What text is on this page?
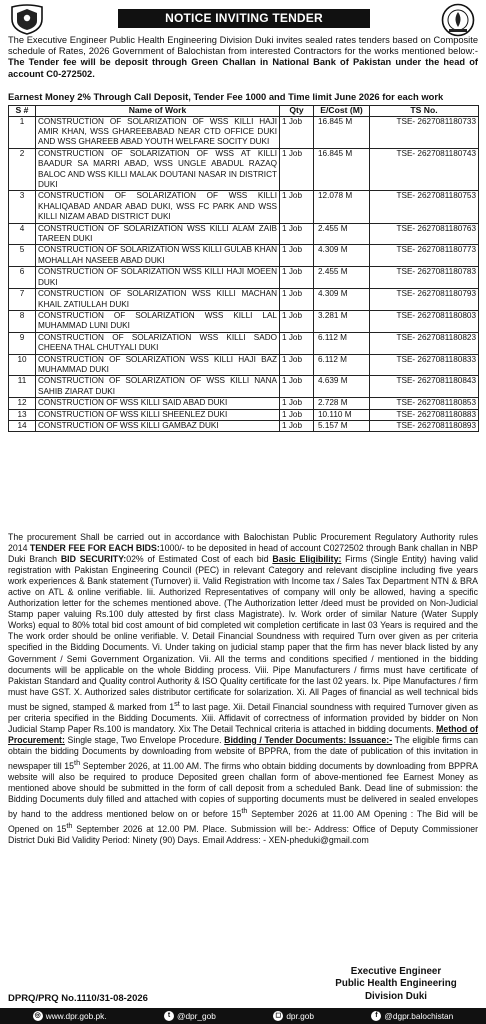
NOTICE INVITING TENDER
The Executive Engineer Public Health Engineering Division Duki invites sealed rates tenders based on Composite schedule of Rates, 2026 Government of Balochistan from interested Contractors for the works mentioned below:-The Tender fee will be deposit through Green Challan in National Bank of Pakistan under the head of account C0-272502.
Earnest Money 2% Through Call Deposit, Tender Fee 1000 and Time limit June 2026 for each work
S #	Name of Work	Qty	E/Cost (M)	TS No.
1	CONSTRUCTION OF SOLARIZATION OF WSS KILLI HAJI AMIR KHAN, WSS GHAREEBABAD NEAR CTD OFFICE DUKI AND WSS GHAREEB ABAD YOUTH WELFARE SOCITY DUKI	1 Job	16.845 M	TSE- 2627081180733
2	CONSTRUCTION OF SOLARIZATION OF WSS AT KILLI BAADUR SA MARRI ABAD, WSS UNGLE ABADUL RAZAQ BALOC AND WSS KILLI MALAK DOUTANI NASAR IN DISTRICT DUKI	1 Job	16.845 M	TSE- 2627081180743
3	CONSTRUCTION OF SOLARIZATION OF WSS KILLI KHALIQABAD ANDAR ABAD DUKI, WSS FC PARK AND WSS KILLI NIZAM ABAD DISTRICT DUKI	1 Job	12.078 M	TSE- 2627081180753
4	CONSTRUCTION OF SOLARIZATION WSS KILLI ALAM ZAIB TAREEN DUKI	1 Job	2.455 M	TSE- 2627081180763
5	CONSTRUCTION OF SOLARIZATION WSS KILLI GULAB KHAN MOHALLAH NASEEB ABAD DUKI	1 Job	4.309 M	TSE- 2627081180773
6	CONSTRUCTION OF SOLARIZATION WSS KILLI HAJI MOEEN DUKI	1 Job	2.455 M	TSE- 2627081180783
7	CONSTRUCTION OF SOLARIZATION WSS KILLI MACHAN KHAIL ZATIULLAH DUKI	1 Job	4.309 M	TSE- 2627081180793
8	CONSTRUCTION OF SOLARIZATION WSS KILLI LAL MUHAMMAD LUNI DUKI	1 Job	3.281 M	TSE- 2627081180803
9	CONSTRUCTION OF SOLARIZATION WSS KILLI SADO CHEENA THAL CHUTYALI DUKI	1 Job	6.112 M	TSE- 2627081180823
10	CONSTRUCTION OF SOLARIZATION WSS KILLI HAJI BAZ MUHAMMAD DUKI	1 Job	6.112 M	TSE- 2627081180833
11	CONSTRUCTION OF SOLARIZATION OF WSS KILLI NANA SAHIB ZIARAT DUKI	1 Job	4.639 M	TSE- 2627081180843
12	CONSTRUCTION OF WSS KILLI SAID ABAD DUKI	1 Job	2.728 M	TSE- 2627081180853
13	CONSTRUCTION OF WSS KILLI SHEENLEZ DUKI	1 Job	10.110 M	TSE- 2627081180883
14	CONSTRUCTION OF WSS KILLI GAMBAZ DUKI	1 Job	5.157 M	TSE- 2627081180893
The procurement Shall be carried out in accordance with Balochistan Public Procurement Regulatory Authority rules 2014 TENDER FEE FOR EACH BIDS:1000/- to be deposited in head of account C0272502 through Bank challan in NBP Duki Branch BID SECURITY:02% of Estimated Cost of each bid Basic Eligibility: Firms (Single Entity) having valid registration with Pakistan Engineering Council (PEC) in relevant Category and relevant discipline including five years work experiences & Bank statement (Turnover) ii. Valid Registration with Income tax / Sales Tax Department NTN & BRA active on ATL & online verifiable. Iii. Authorized Representatives of company will only be allowed, having a specific Authorization letter for the schemes mentioned above. (The Authorization letter /deed must be provided on Non-Judicial Stamp paper valuing Rs.100 duly attested by first class Magistrate). Iv. Work order of similar Nature (Water Supply Works) equal to 80% total bid cost amount of bid completed wit completion certificate in last 03 Years is required and the The work order should be online verifiable. V. Detail Financial Soundness with required Turn over given as per criteria specified in the Bidding Documents. Vi. Under taking on judicial stamp paper that the firm has never black listed by any Government / Semi Government Organization. Vii. All the terms and conditions specified / mentioned in the bidding documents will be applicable on the whole Bidding process. Viii. Pipe Manufacturers / firms must have certificate of Pakistan Standard and Quality control Authority & ISO Quality certificate for the last 02 years. Ix. Pipe Manufactures / firm must have GST. X. Authorized sales distributor certificate for solarization. Xi. All Pages of financial as well technical bids must be signed, stamped & marked from 1st to last page. Xii. Detail Financial soundness with required Turnover given as per criteria specified in the Bidding Documents. Xiii. Affidavit of correctness of information provided by bidder on Non Judicial Stamp Paper Rs.100 is mandatory. Xix The Detail Technical criteria is attached in bidding documents. Method of Procurement: Single stage, Two Envelope Procedure. Bidding / Tender Documents: Issuance:- The eligible firms can obtain the bidding Documents by downloading from website of BPPRA, from the date of publication of this invitation in newspaper till 15th September 2026, at 11.00 AM. The firms who obtain bidding documents by downloading from BPPRA website will also be required to produce Deposited green challan form of above-mentioned fee Earnest Money as mentioned above should be submitted in the form of call deposit from a scheduled Bank. Dead line of submission: the Bidding Documents duly filled and attached with copies of supporting documents must be delivered in sealed envelopes by hand to the address mentioned below on or before 15th September 2026 at 11.00 AM Opening : The Bid will be Opened on 15th September 2026 at 12.00 PM. Place. Submission will be:- Address: Office of Deputy Commissioner District Duki Bid Validity Period: Ninety (90) Days. Email Address: - XEN-pheduki@gmail.com
DPRQ/PRQ No.1110/31-08-2026
Executive Engineer
Public Health Engineering
Division Duki
◎ www.dpr.gob.pk.	t @dpr_gob	◻ dpr.gob	f @dgpr.balochistan
